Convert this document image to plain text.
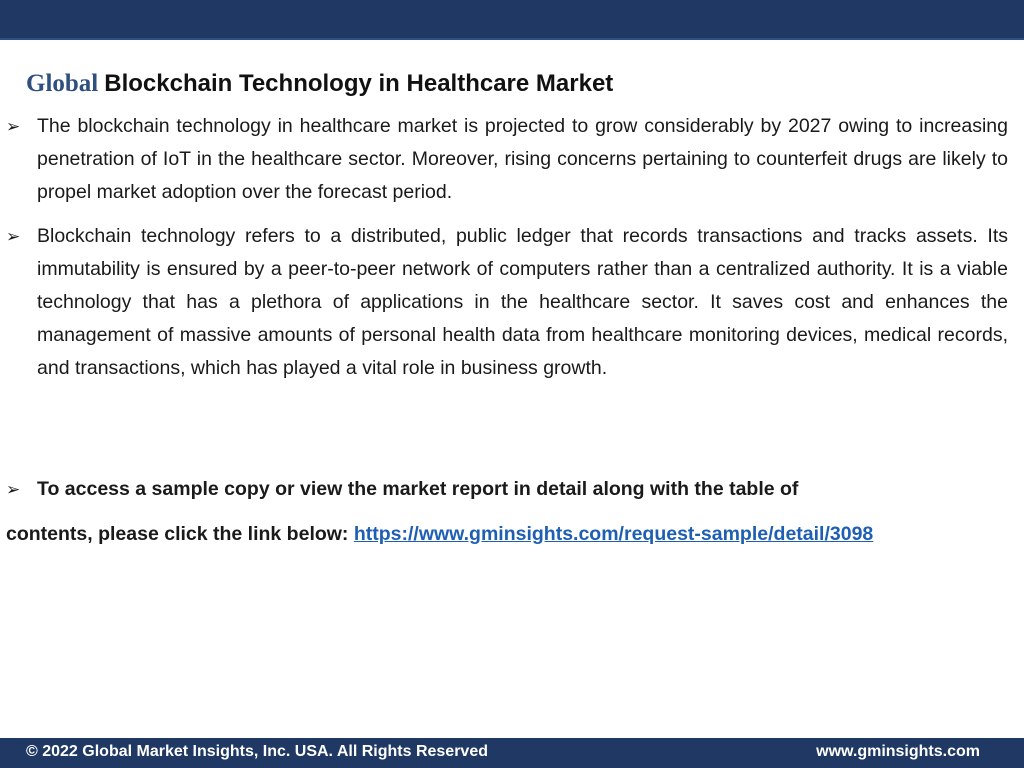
Global Blockchain Technology in Healthcare Market
➢ The blockchain technology in healthcare market is projected to grow considerably by 2027 owing to increasing penetration of IoT in the healthcare sector. Moreover, rising concerns pertaining to counterfeit drugs are likely to propel market adoption over the forecast period.
➢ Blockchain technology refers to a distributed, public ledger that records transactions and tracks assets. Its immutability is ensured by a peer-to-peer network of computers rather than a centralized authority. It is a viable technology that has a plethora of applications in the healthcare sector. It saves cost and enhances the management of massive amounts of personal health data from healthcare monitoring devices, medical records, and transactions, which has played a vital role in business growth.
➢ To access a sample copy or view the market report in detail along with the table of
contents, please click the link below: https://www.gminsights.com/request-sample/detail/3098
© 2022 Global Market Insights, Inc. USA. All Rights Reserved	www.gminsights.com
